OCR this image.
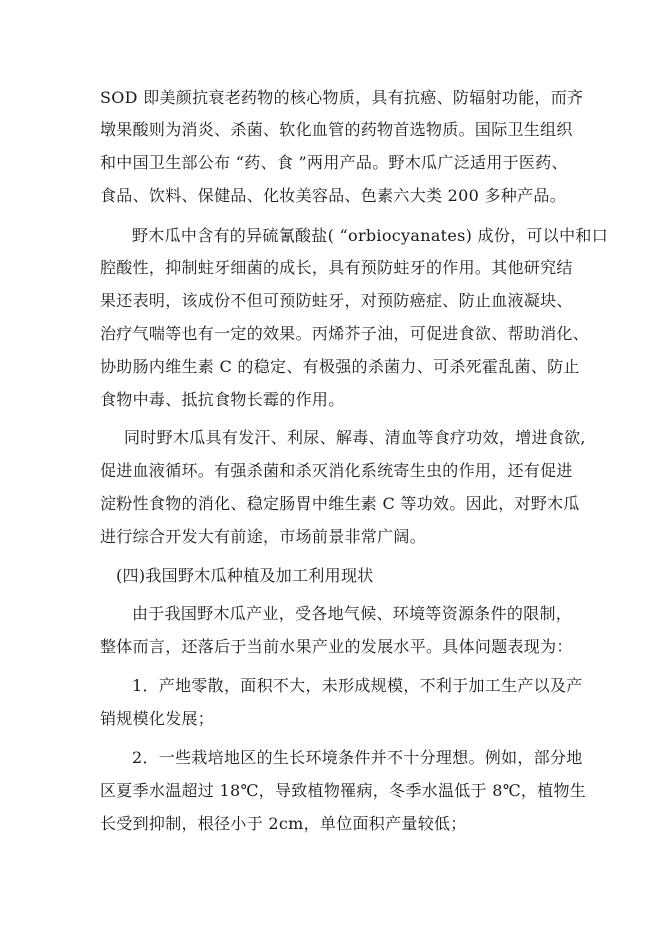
SOD 即美颜抗衰老药物的核心物质，具有抗癌、防辐射功能，而齐
墩果酸则为消炎、杀菌、软化血管的药物首选物质。国际卫生组织
和中国卫生部公布 “药、食 ”两用产品。野木瓜广泛适用于医药、
食品、饮料、保健品、化妆美容品、色素六大类 200 多种产品。
野木瓜中含有的异硫氰酸盐( “orbiocyanates) 成份，可以中和口
腔酸性，抑制蛀牙细菌的成长，具有预防蛀牙的作用。其他研究结
果还表明，该成份不但可预防蛀牙，对预防癌症、防止血液凝块、
治疗气喘等也有一定的效果。丙烯芥子油，可促进食欲、帮助消化、
协助肠内维生素 C 的稳定、有极强的杀菌力、可杀死霍乱菌、防止
食物中毒、抵抗食物长霉的作用。
同时野木瓜具有发汗、利尿、解毒、清血等食疗功效，增进食欲,
促进血液循环。有强杀菌和杀灭消化系统寄生虫的作用，还有促进
淀粉性食物的消化、稳定肠胃中维生素 C 等功效。因此，对野木瓜
进行综合开发大有前途，市场前景非常广阔。
(四)我国野木瓜种植及加工利用现状
由于我国野木瓜产业，受各地气候、环境等资源条件的限制，
整体而言，还落后于当前水果产业的发展水平。具体问题表现为：
1．产地零散，面积不大，未形成规模，不利于加工生产以及产
销规模化发展；
2．一些栽培地区的生长环境条件并不十分理想。例如，部分地
区夏季水温超过 18℃，导致植物罹病，冬季水温低于 8℃，植物生
长受到抑制，根径小于 2cm，单位面积产量较低；
